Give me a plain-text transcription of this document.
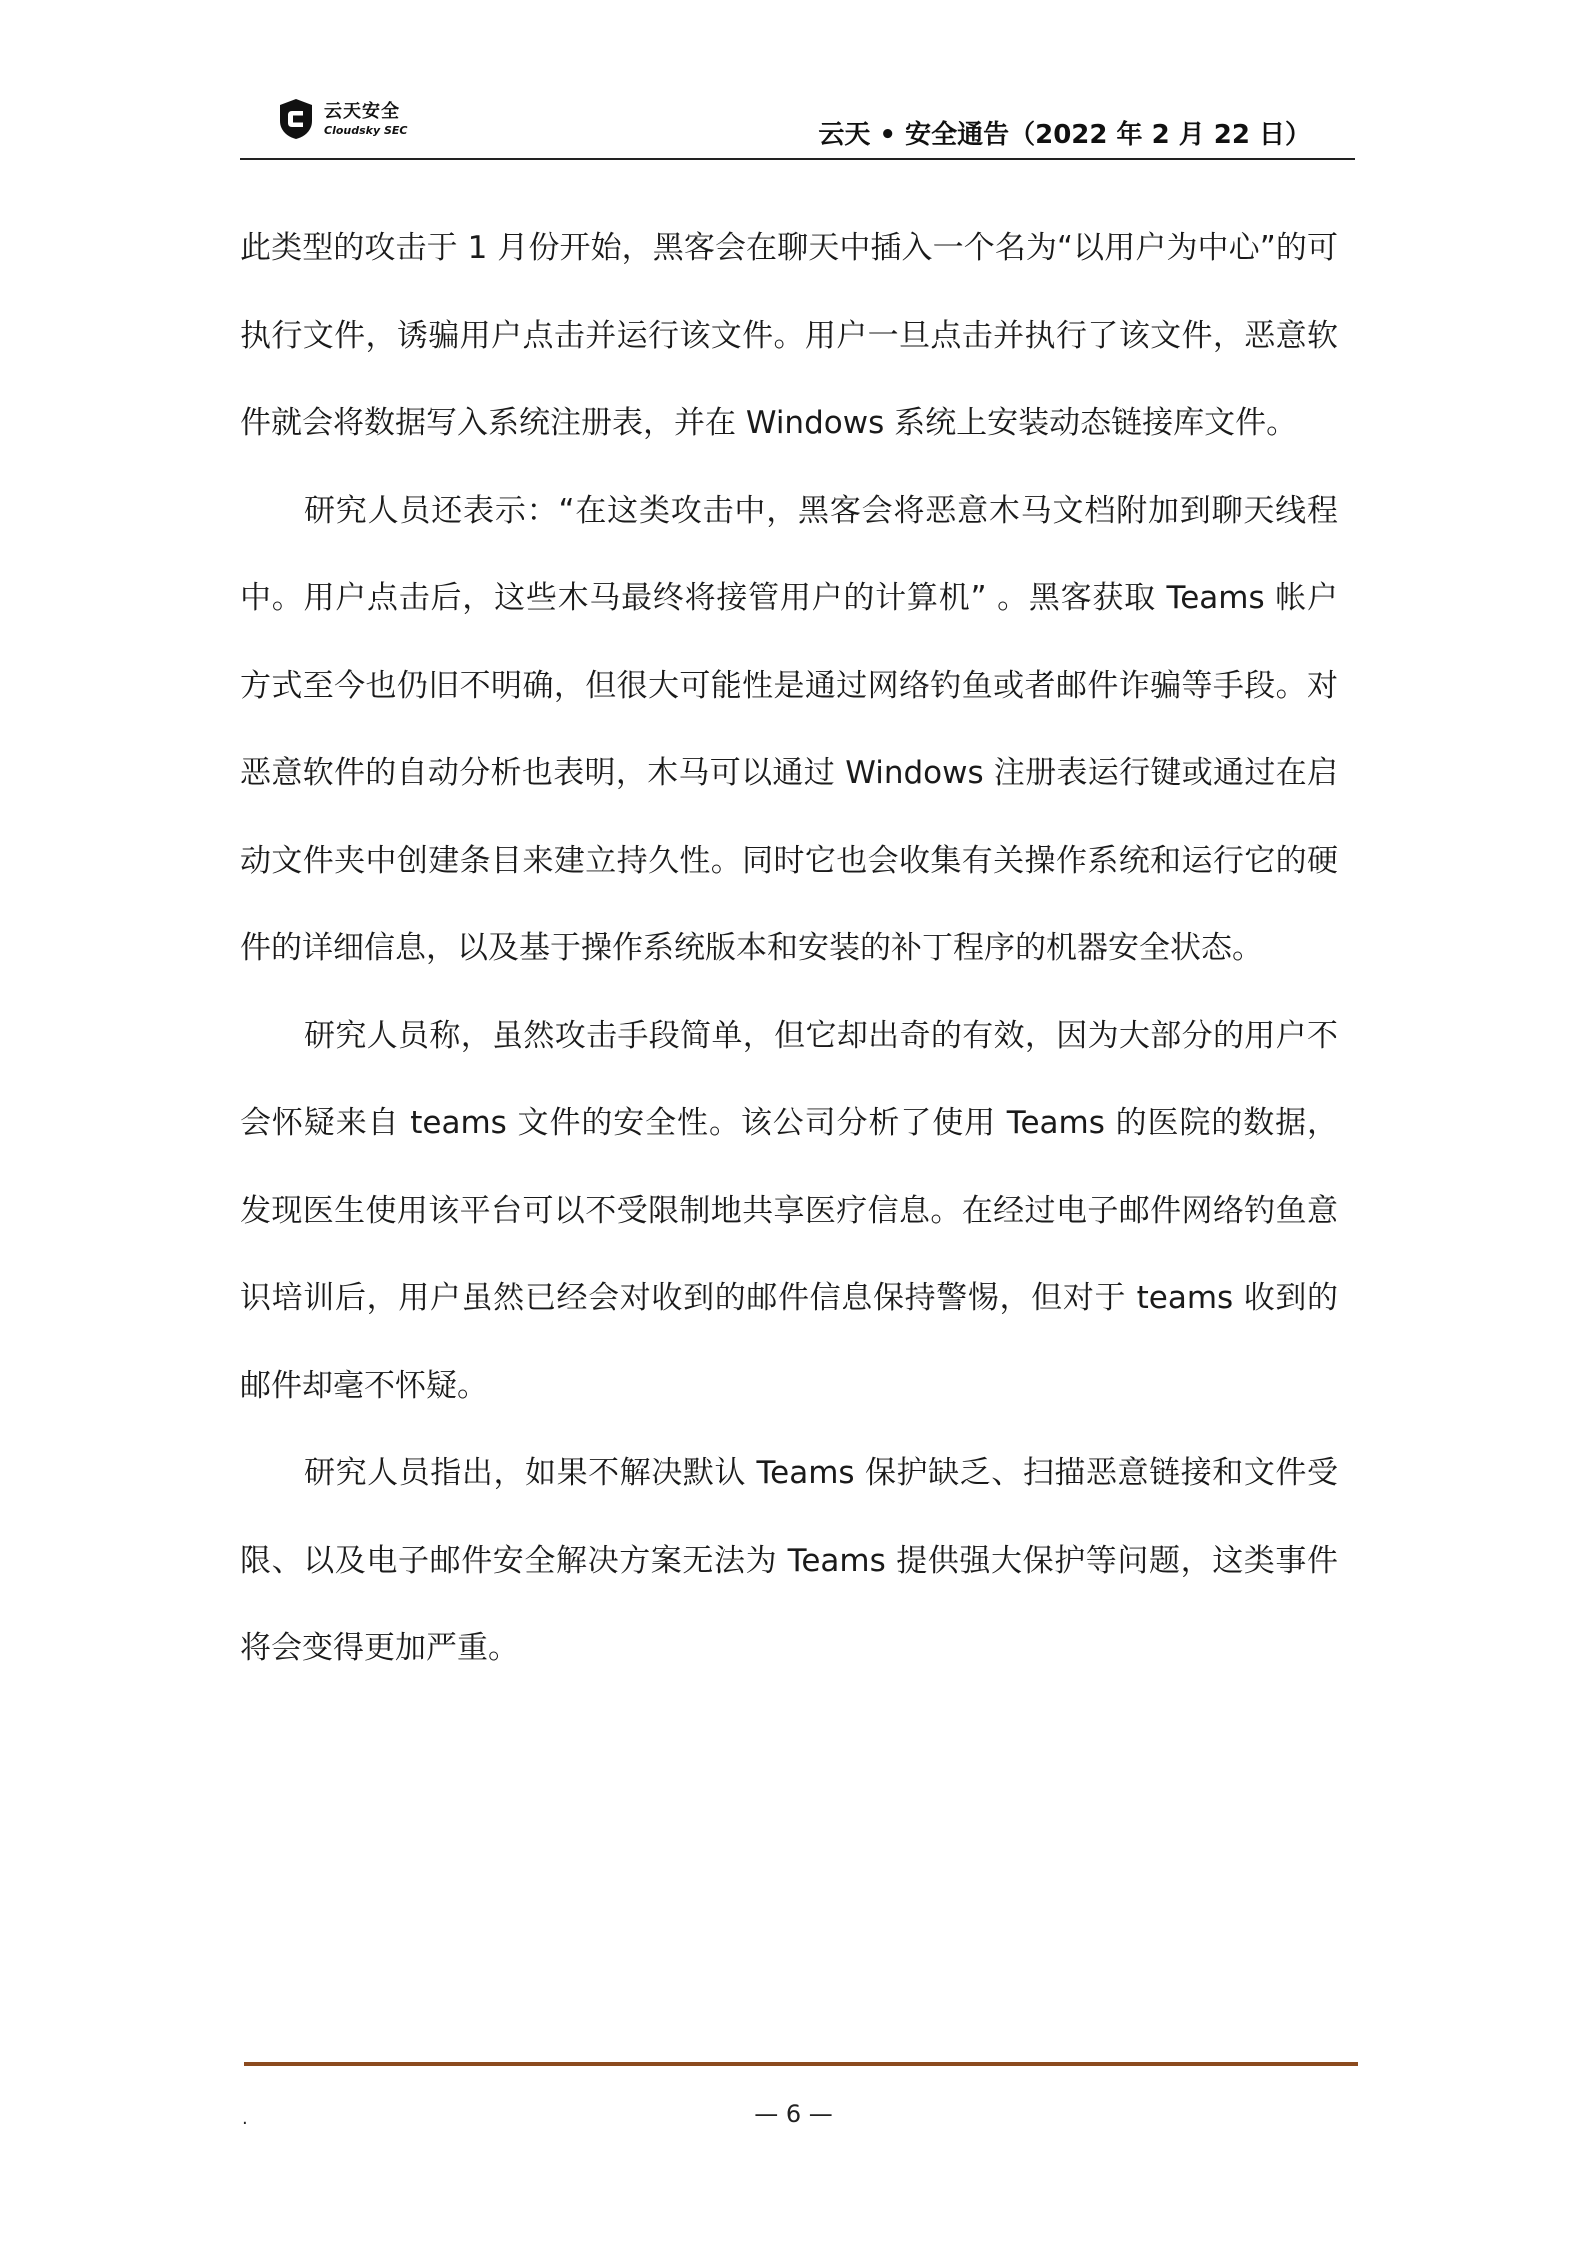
云天安全
Cloudsky SEC	云天 • 安全通告（2022 年 2 月 22 日）

此类型的攻击于 1 月份开始，黑客会在聊天中插入一个名为“以用户为中心”的可执行文件，诱骗用户点击并运行该文件。用户一旦点击并执行了该文件，恶意软件就会将数据写入系统注册表，并在 Windows 系统上安装动态链接库文件。

研究人员还表示：“在这类攻击中，黑客会将恶意木马文档附加到聊天线程中。用户点击后，这些木马最终将接管用户的计算机” 。黑客获取 Teams 帐户方式至今也仍旧不明确，但很大可能性是通过网络钓鱼或者邮件诈骗等手段。对恶意软件的自动分析也表明，木马可以通过 Windows 注册表运行键或通过在启动文件夹中创建条目来建立持久性。同时它也会收集有关操作系统和运行它的硬件的详细信息，以及基于操作系统版本和安装的补丁程序的机器安全状态。

研究人员称，虽然攻击手段简单，但它却出奇的有效，因为大部分的用户不会怀疑来自 teams 文件的安全性。该公司分析了使用 Teams 的医院的数据，发现医生使用该平台可以不受限制地共享医疗信息。在经过电子邮件网络钓鱼意识培训后，用户虽然已经会对收到的邮件信息保持警惕，但对于 teams 收到的邮件却毫不怀疑。

研究人员指出，如果不解决默认 Teams 保护缺乏、扫描恶意链接和文件受限、以及电子邮件安全解决方案无法为 Teams 提供强大保护等问题，这类事件将会变得更加严重。

.	— 6 —
